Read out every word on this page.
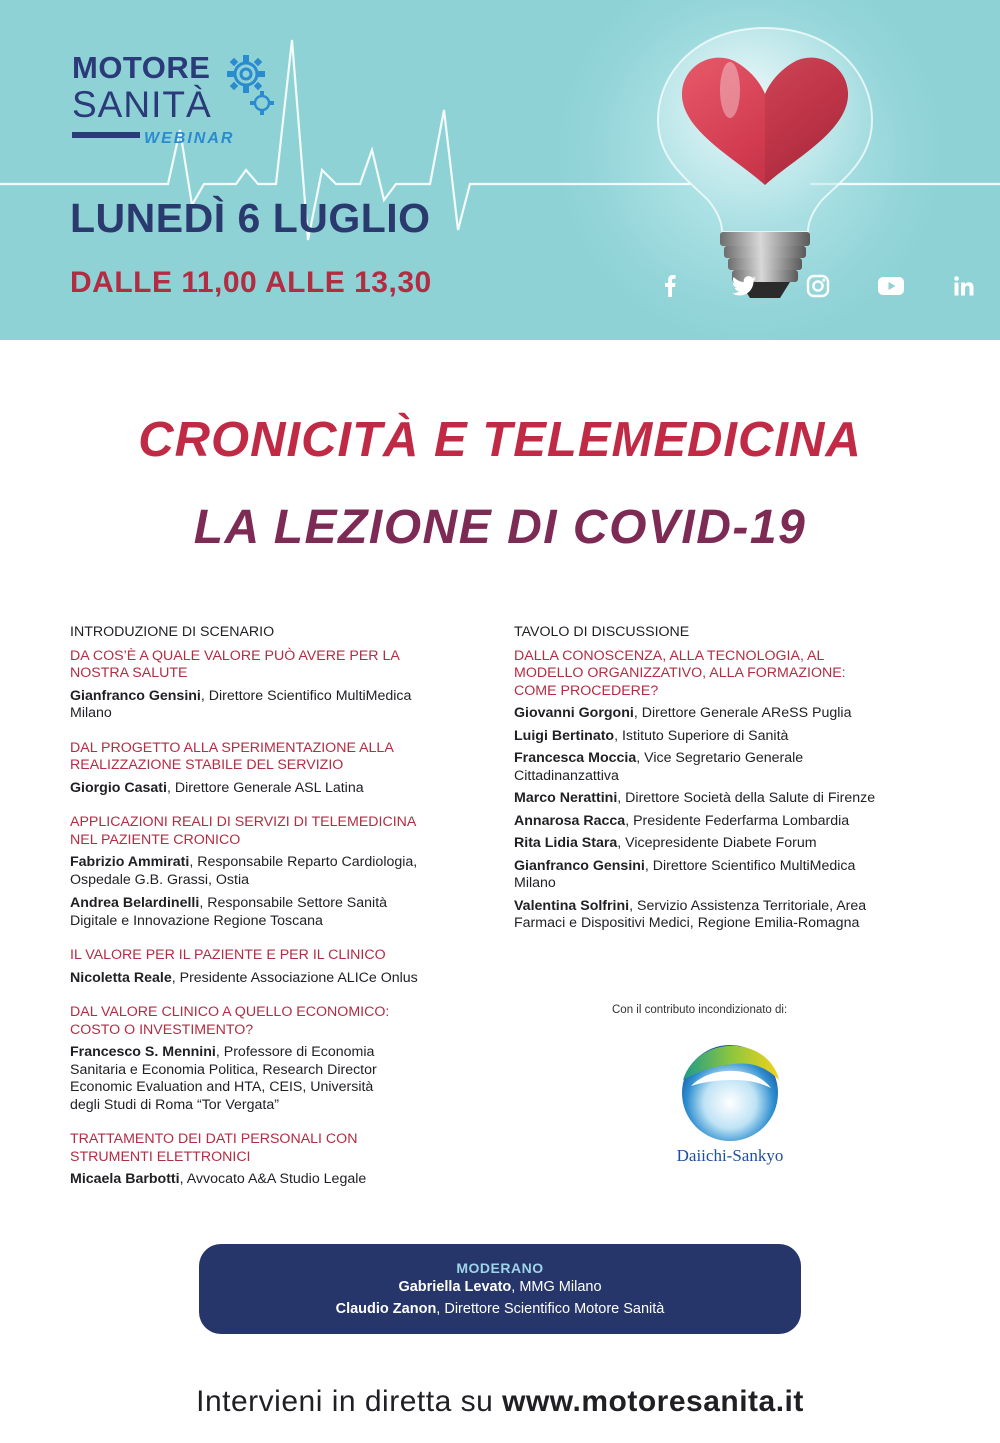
MOTORE
SANITÀ
WEBINAR
LUNEDÌ 6 LUGLIO
DALLE 11,00 ALLE 13,30
CRONICITÀ E TELEMEDICINA
LA LEZIONE DI COVID-19
INTRODUZIONE DI SCENARIO
DA COS’È A QUALE VALORE PUÒ AVERE PER LA
NOSTRA SALUTE
Gianfranco Gensini, Direttore Scientifico MultiMedica
Milano
DAL PROGETTO ALLA SPERIMENTAZIONE ALLA
REALIZZAZIONE STABILE DEL SERVIZIO
Giorgio Casati, Direttore Generale ASL Latina
APPLICAZIONI REALI DI SERVIZI DI TELEMEDICINA
NEL PAZIENTE CRONICO
Fabrizio Ammirati, Responsabile Reparto Cardiologia,
Ospedale G.B. Grassi, Ostia
Andrea Belardinelli, Responsabile Settore Sanità
Digitale e Innovazione Regione Toscana
IL VALORE PER IL PAZIENTE E PER IL CLINICO
Nicoletta Reale, Presidente Associazione ALICe Onlus
DAL VALORE CLINICO A QUELLO ECONOMICO:
COSTO O INVESTIMENTO?
Francesco S. Mennini, Professore di Economia
Sanitaria e Economia Politica, Research Director
Economic Evaluation and HTA, CEIS, Università
degli Studi di Roma “Tor Vergata”
TRATTAMENTO DEI DATI PERSONALI CON
STRUMENTI ELETTRONICI
Micaela Barbotti, Avvocato A&A Studio Legale
TAVOLO DI DISCUSSIONE
DALLA CONOSCENZA, ALLA TECNOLOGIA, AL
MODELLO ORGANIZZATIVO, ALLA FORMAZIONE:
COME PROCEDERE?
Giovanni Gorgoni, Direttore Generale AReSS Puglia
Luigi Bertinato, Istituto Superiore di Sanità
Francesca Moccia, Vice Segretario Generale
Cittadinanzattiva
Marco Nerattini, Direttore Società della Salute di Firenze
Annarosa Racca, Presidente Federfarma Lombardia
Rita Lidia Stara, Vicepresidente Diabete Forum
Gianfranco Gensini, Direttore Scientifico MultiMedica
Milano
Valentina Solfrini, Servizio Assistenza Territoriale, Area
Farmaci e Dispositivi Medici, Regione Emilia-Romagna
Con il contributo incondizionato di:
Daiichi-Sankyo
MODERANO
Gabriella Levato, MMG Milano
Claudio Zanon, Direttore Scientifico Motore Sanità
Intervieni in diretta su www.motoresanita.it
